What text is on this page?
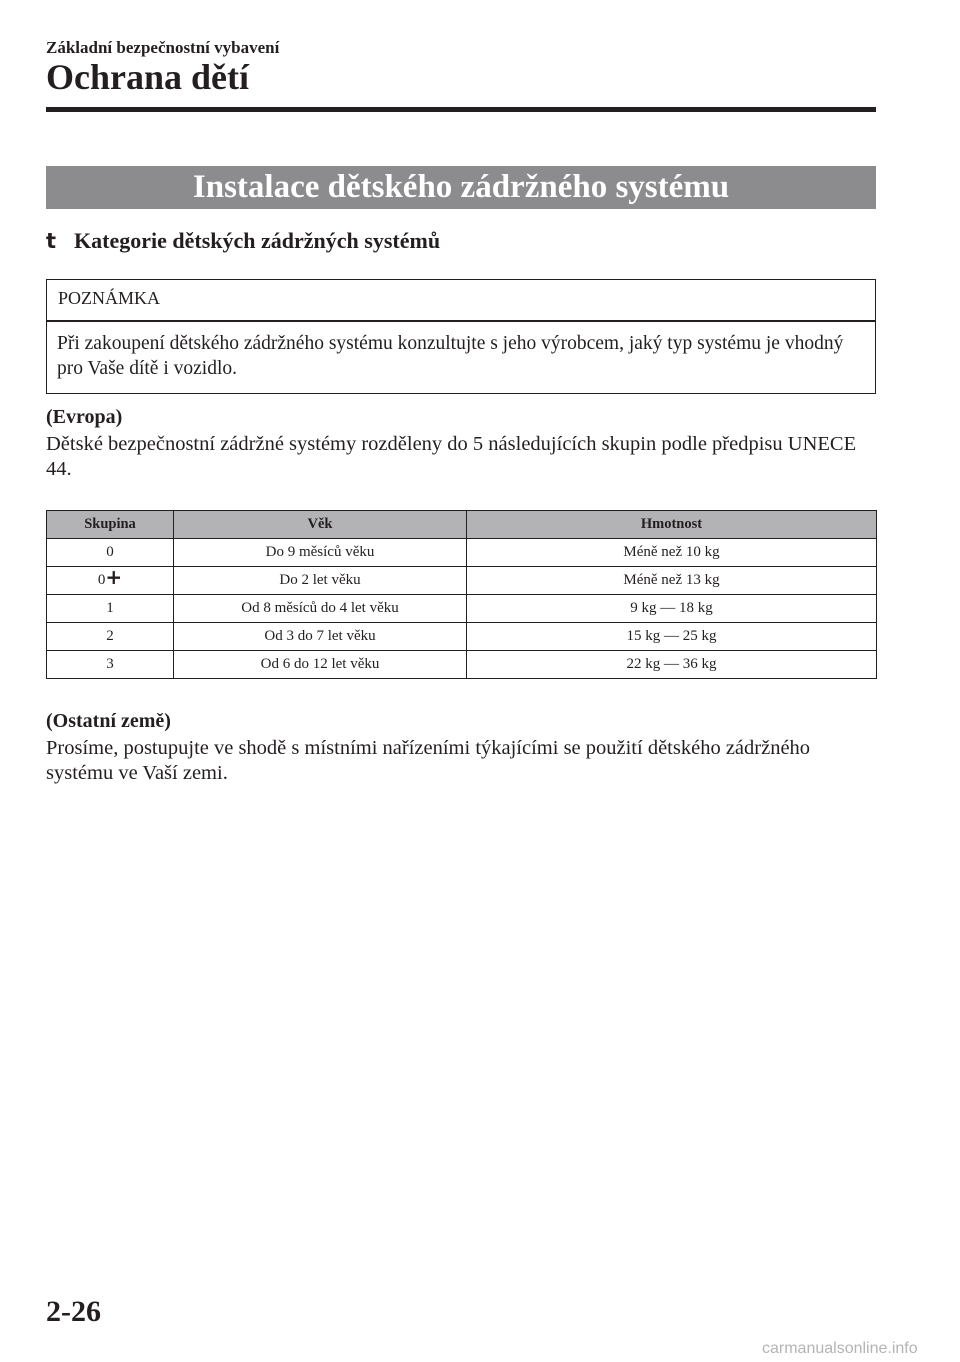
Základní bezpečnostní vybavení
Ochrana dětí
Instalace dětského zádržného systému
t Kategorie dětských zádržných systémů
POZNÁMKA
Při zakoupení dětského zádržného systému konzultujte s jeho výrobcem, jaký typ systému je vhodný pro Vaše dítě i vozidlo.
(Evropa)
Dětské bezpečnostní zádržné systémy rozděleny do 5 následujících skupin podle předpisu UNECE 44.
Skupina	Věk	Hmotnost
0	Do 9 měsíců věku	Méně než 10 kg
0+	Do 2 let věku	Méně než 13 kg
1	Od 8 měsíců do 4 let věku	9 kg — 18 kg
2	Od 3 do 7 let věku	15 kg — 25 kg
3	Od 6 do 12 let věku	22 kg — 36 kg
(Ostatní země)
Prosíme, postupujte ve shodě s místními nařízeními týkajícími se použití dětského zádržného systému ve Vaší zemi.
2-26
carmanualsonline.info
